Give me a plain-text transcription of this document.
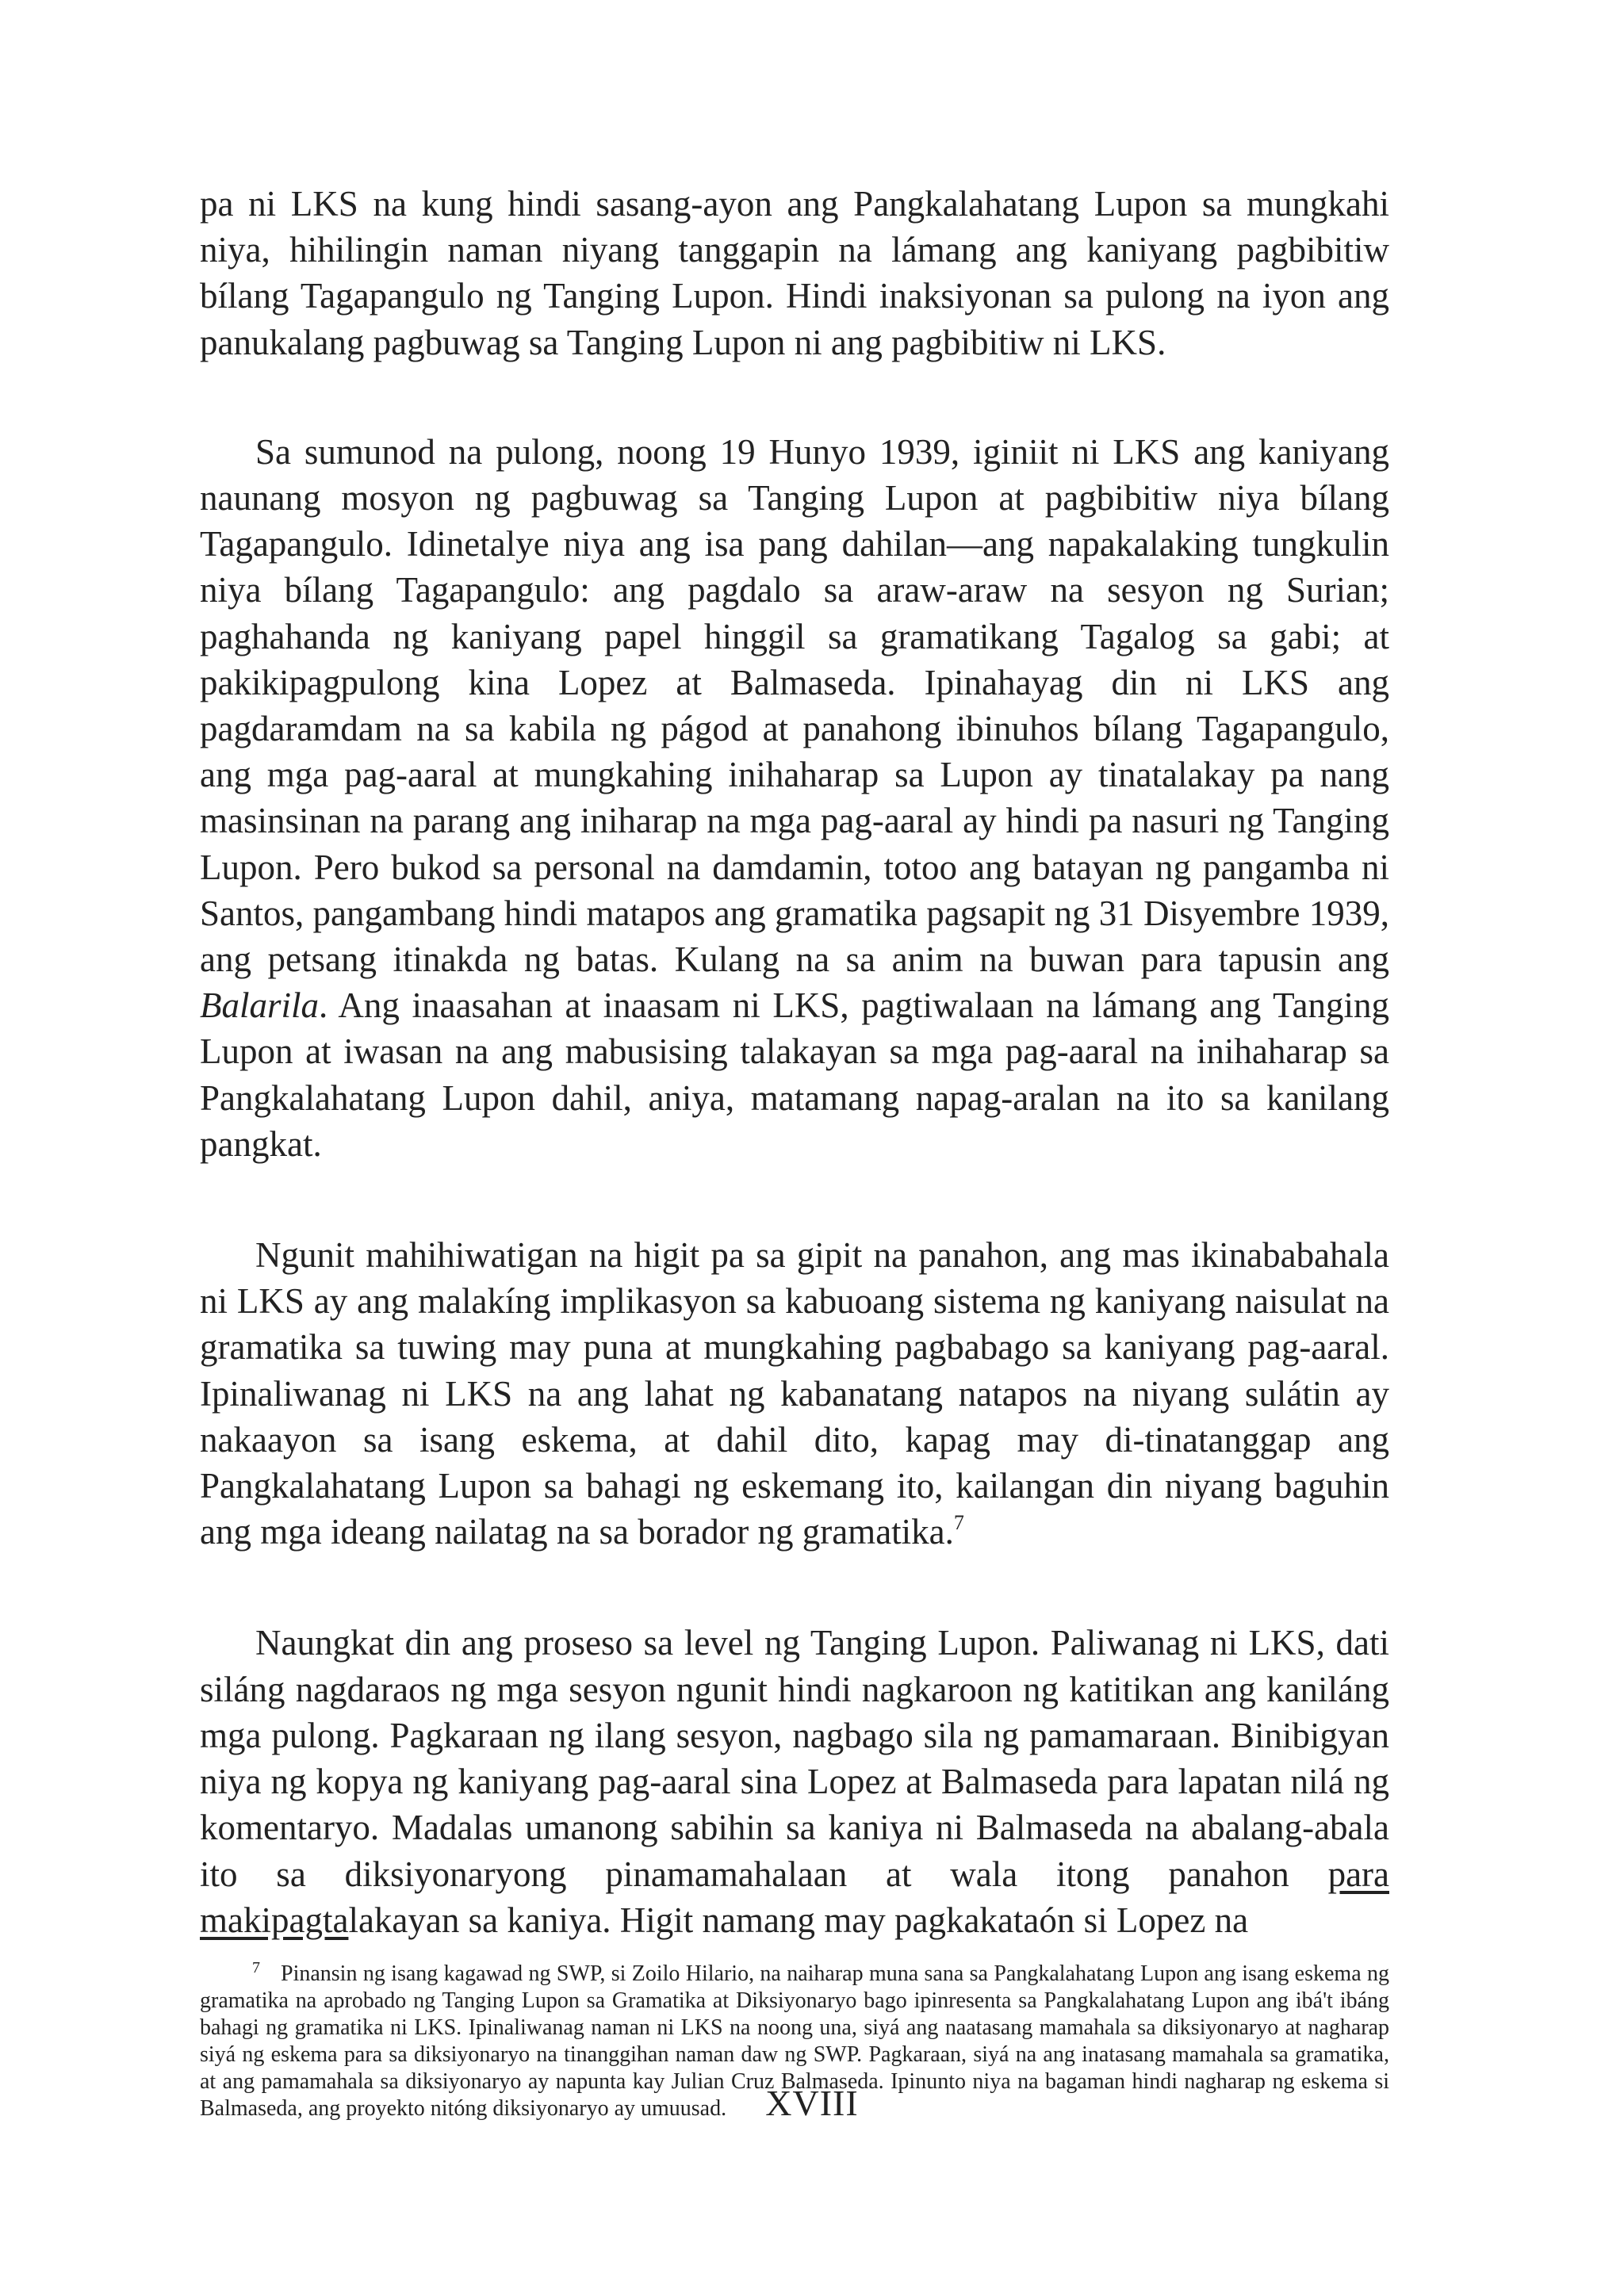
pa ni LKS na kung hindi sasang-ayon ang Pangkalahatang Lupon sa mungkahi niya, hihilingin naman niyang tanggapin na lámang ang kaniyang pagbibitiw bílang Tagapangulo ng Tanging Lupon. Hindi inaksiyonan sa pulong na iyon ang panukalang pagbuwag sa Tanging Lupon ni ang pagbibitiw ni LKS.

Sa sumunod na pulong, noong 19 Hunyo 1939, iginiit ni LKS ang kaniyang naunang mosyon ng pagbuwag sa Tanging Lupon at pagbibitiw niya bílang Tagapangulo. Idinetalye niya ang isa pang dahilan—ang napakalaking tungkulin niya bílang Tagapangulo: ang pagdalo sa araw-araw na sesyon ng Surian; paghahanda ng kaniyang papel hinggil sa gramatikang Tagalog sa gabi; at pakikipagpulong kina Lopez at Balmaseda. Ipinahayag din ni LKS ang pagdaramdam na sa kabila ng págod at panahong ibinuhos bílang Tagapangulo, ang mga pag-aaral at mungkahing inihaharap sa Lupon ay tinatalakay pa nang masinsinan na parang ang iniharap na mga pag-aaral ay hindi pa nasuri ng Tanging Lupon. Pero bukod sa personal na damdamin, totoo ang batayan ng pangamba ni Santos, pangambang hindi matapos ang gramatika pagsapit ng 31 Disyembre 1939, ang petsang itinakda ng batas. Kulang na sa anim na buwan para tapusin ang Balarila. Ang inaasahan at inaasam ni LKS, pagtiwalaan na lámang ang Tanging Lupon at iwasan na ang mabusising talakayan sa mga pag-aaral na inihaharap sa Pangkalahatang Lupon dahil, aniya, matamang napag-aralan na ito sa kanilang pangkat.

Ngunit mahihiwatigan na higit pa sa gipit na panahon, ang mas ikinababahala ni LKS ay ang malakíng implikasyon sa kabuoang sistema ng kaniyang naisulat na gramatika sa tuwing may puna at mungkahing pagbabago sa kaniyang pag-aaral. Ipinaliwanag ni LKS na ang lahat ng kabanatang natapos na niyang sulátin ay nakaayon sa isang eskema, at dahil dito, kapag may di-tinatanggap ang Pangkalahatang Lupon sa bahagi ng eskemang ito, kailangan din niyang baguhin ang mga ideang nailatag na sa borador ng gramatika.$^7$

Naungkat din ang proseso sa level ng Tanging Lupon. Paliwanag ni LKS, dati siláng nagdaraos ng mga sesyon ngunit hindi nagkaroon ng katitikan ang kaniláng mga pulong. Pagkaraan ng ilang sesyon, nagbago sila ng pamamaraan. Binibigyan niya ng kopya ng kaniyang pag-aaral sina Lopez at Balmaseda para lapatan nilá ng komentaryo. Madalas umanong sabihin sa kaniya ni Balmaseda na abalang-abala ito sa diksiyonaryong pinamamahalaan at wala itong panahon para makipagtalakayan sa kaniya. Higit namang may pagkakataón si Lopez na

7 Pinansin ng isang kagawad ng SWP, si Zoilo Hilario, na naiharap muna sana sa Pangkalahatang Lupon ang isang eskema ng gramatika na aprobado ng Tanging Lupon sa Gramatika at Diksiyonaryo bago ipinresenta sa Pangkalahatang Lupon ang ibá't ibáng bahagi ng gramatika ni LKS. Ipinaliwanag naman ni LKS na noong una, siyá ang naatasang mamahala sa diksiyonaryo at nagharap siyá ng eskema para sa diksiyonaryo na tinanggihan naman daw ng SWP. Pagkaraan, siyá na ang inatasang mamahala sa gramatika, at ang pamamahala sa diksiyonaryo ay napunta kay Julian Cruz Balmaseda. Ipinunto niya na bagaman hindi nagharap ng eskema si Balmaseda, ang proyekto nitóng diksiyonaryo ay umuusad.	XVIII
